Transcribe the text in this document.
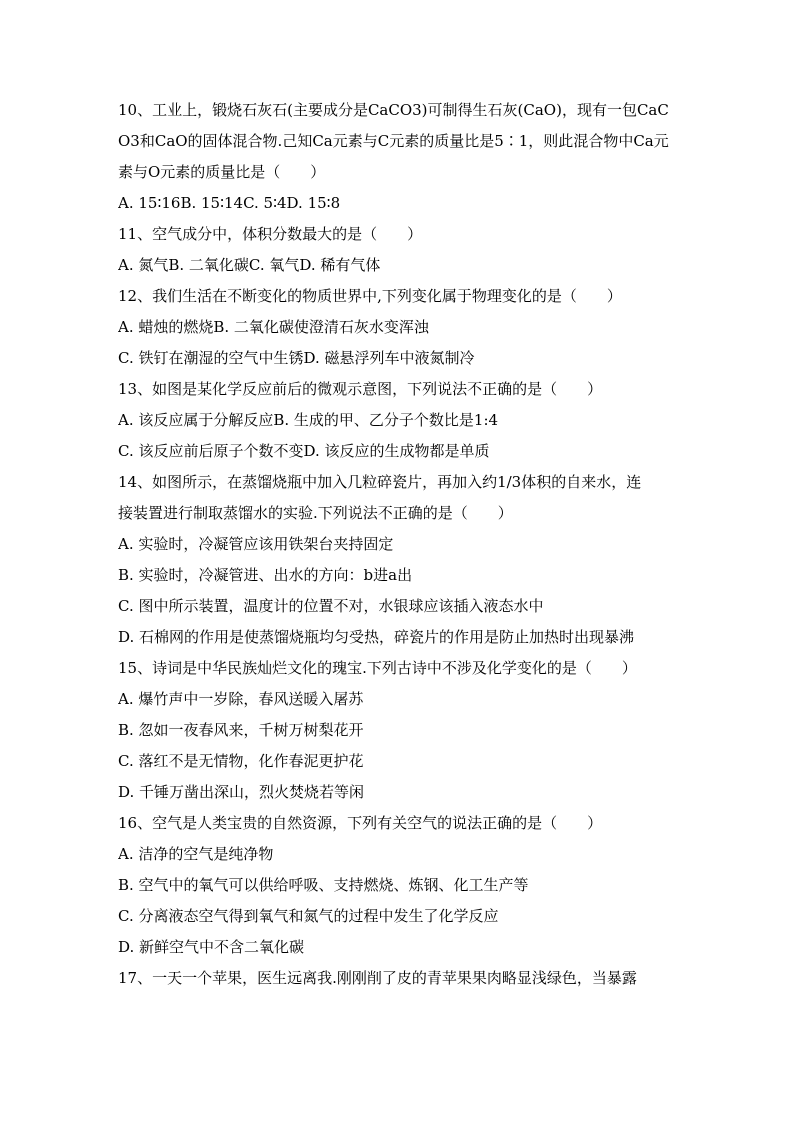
10、工业上，锻烧石灰石(主要成分是CaCO3)可制得生石灰(CaO)，现有一包CaC
O3和CaO的固体混合物.己知Ca元素与C元素的质量比是5∶1，则此混合物中Ca元
素与O元素的质量比是（　　）
A. 15∶16B. 15∶14C. 5∶4D. 15∶8
11、空气成分中，体积分数最大的是（　　）
A. 氮气B. 二氧化碳C. 氧气D. 稀有气体
12、我们生活在不断变化的物质世界中,下列变化属于物理变化的是（　　）
A. 蜡烛的燃烧B. 二氧化碳使澄清石灰水变浑浊
C. 铁钉在潮湿的空气中生锈D. 磁悬浮列车中液氮制冷
13、如图是某化学反应前后的微观示意图，下列说法不正确的是（　　）
A. 该反应属于分解反应B. 生成的甲、乙分子个数比是1:4
C. 该反应前后原子个数不变D. 该反应的生成物都是单质
14、如图所示，在蒸馏烧瓶中加入几粒碎瓷片，再加入约1/3体积的自来水，连
接装置进行制取蒸馏水的实验.下列说法不正确的是（　　）
A. 实验时，冷凝管应该用铁架台夹持固定
B. 实验时，冷凝管进、出水的方向：b进a出
C. 图中所示装置，温度计的位置不对，水银球应该插入液态水中
D. 石棉网的作用是使蒸馏烧瓶均匀受热，碎瓷片的作用是防止加热时出现暴沸
15、诗词是中华民族灿烂文化的瑰宝.下列古诗中不涉及化学变化的是（　　）
A. 爆竹声中一岁除，春风送暖入屠苏
B. 忽如一夜春风来，千树万树梨花开
C. 落红不是无情物，化作春泥更护花
D. 千锤万凿出深山，烈火焚烧若等闲
16、空气是人类宝贵的自然资源，下列有关空气的说法正确的是（　　）
A. 洁净的空气是纯净物
B. 空气中的氧气可以供给呼吸、支持燃烧、炼钢、化工生产等
C. 分离液态空气得到氧气和氮气的过程中发生了化学反应
D. 新鲜空气中不含二氧化碳
17、一天一个苹果，医生远离我.刚刚削了皮的青苹果果肉略显浅绿色，当暴露
